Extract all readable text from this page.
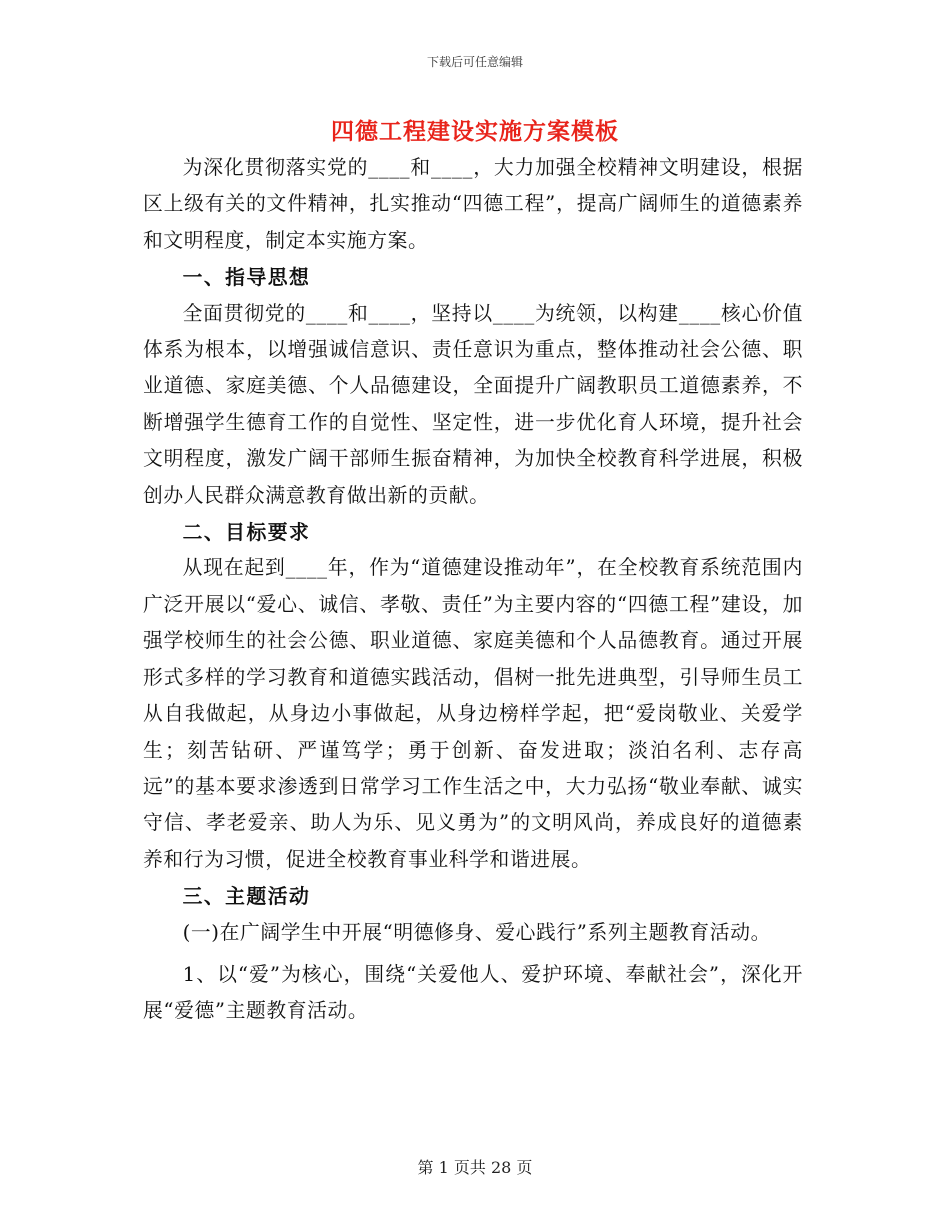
下载后可任意编辑
四德工程建设实施方案模板

为深化贯彻落实党的____和____，大力加强全校精神文明建设，根据区上级有关的文件精神，扎实推动“四德工程”，提高广阔师生的道德素养和文明程度，制定本实施方案。

一、指导思想

全面贯彻党的____和____，坚持以____为统领，以构建____核心价值体系为根本，以增强诚信意识、责任意识为重点，整体推动社会公德、职业道德、家庭美德、个人品德建设，全面提升广阔教职员工道德素养，不断增强学生德育工作的自觉性、坚定性，进一步优化育人环境，提升社会文明程度，激发广阔干部师生振奋精神，为加快全校教育科学进展，积极创办人民群众满意教育做出新的贡献。

二、目标要求

从现在起到____年，作为“道德建设推动年”，在全校教育系统范围内广泛开展以“爱心、诚信、孝敬、责任”为主要内容的“四德工程”建设，加强学校师生的社会公德、职业道德、家庭美德和个人品德教育。通过开展形式多样的学习教育和道德实践活动，倡树一批先进典型，引导师生员工从自我做起，从身边小事做起，从身边榜样学起，把“爱岗敬业、关爱学生；刻苦钻研、严谨笃学；勇于创新、奋发进取；淡泊名利、志存高远”的基本要求渗透到日常学习工作生活之中，大力弘扬“敬业奉献、诚实守信、孝老爱亲、助人为乐、见义勇为”的文明风尚，养成良好的道德素养和行为习惯，促进全校教育事业科学和谐进展。

三、主题活动

(一)在广阔学生中开展“明德修身、爱心践行”系列主题教育活动。

1、以“爱”为核心，围绕“关爱他人、爱护环境、奉献社会”，深化开展“爱德”主题教育活动。

第 1 页共 28 页
